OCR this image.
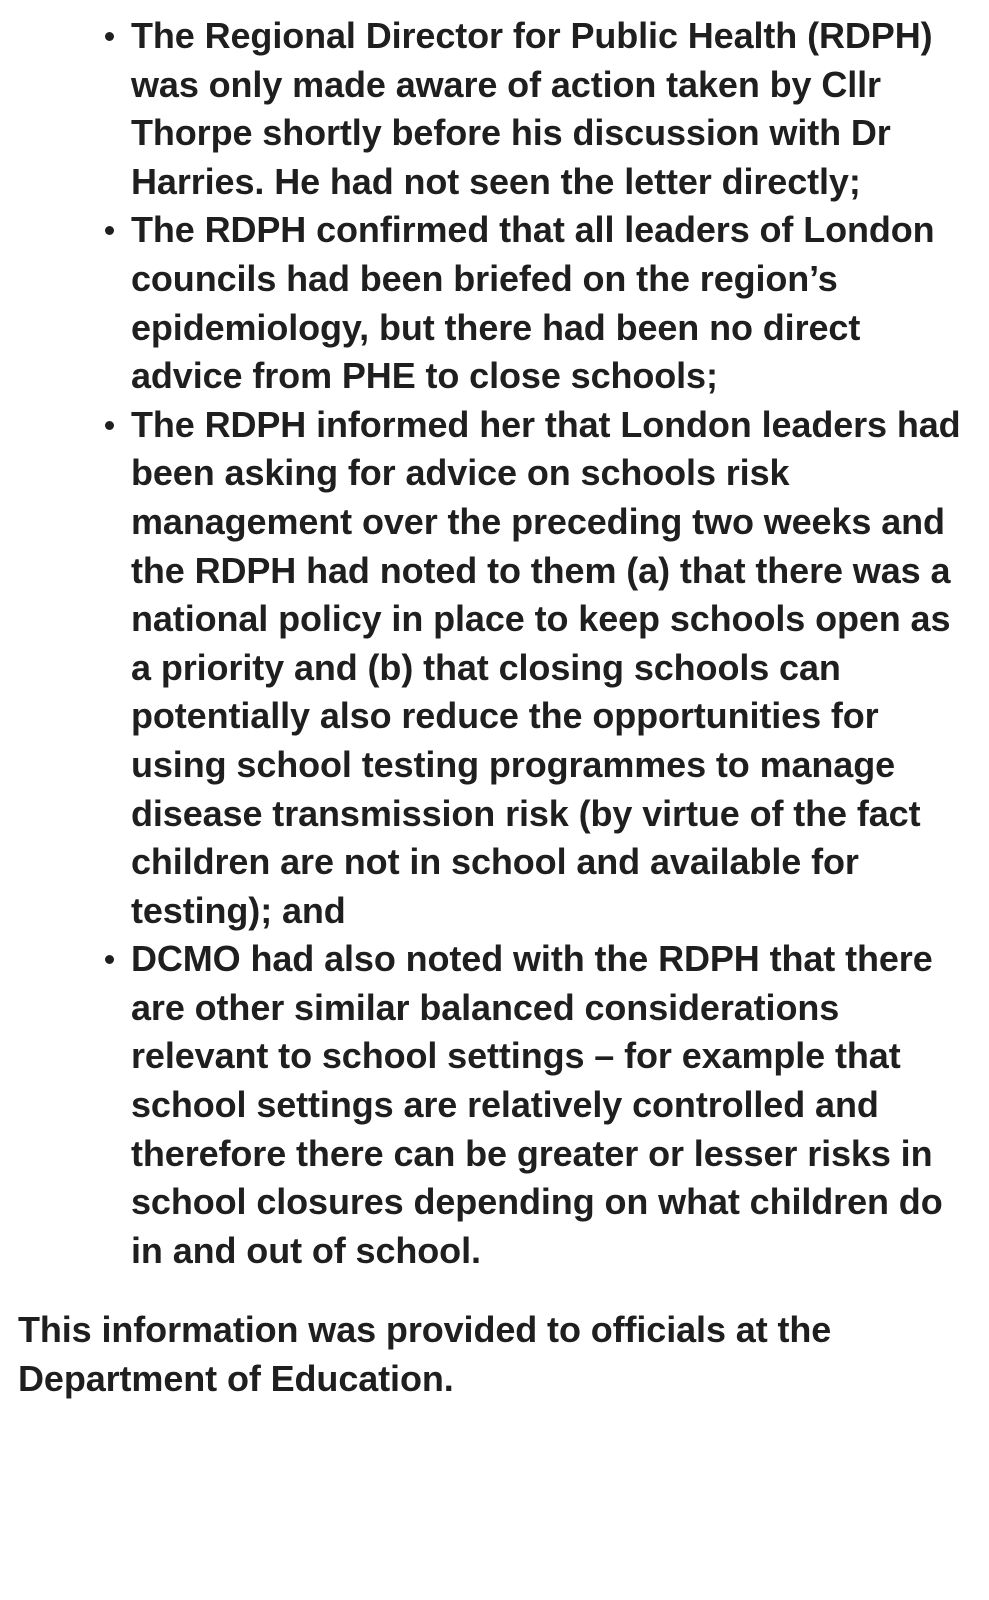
The Regional Director for Public Health (RDPH) was only made aware of action taken by Cllr Thorpe shortly before his discussion with Dr Harries. He had not seen the letter directly;
The RDPH confirmed that all leaders of London councils had been briefed on the region’s epidemiology, but there had been no direct advice from PHE to close schools;
The RDPH informed her that London leaders had been asking for advice on schools risk management over the preceding two weeks and the RDPH had noted to them (a) that there was a national policy in place to keep schools open as a priority and (b) that closing schools can potentially also reduce the opportunities for using school testing programmes to manage disease transmission risk (by virtue of the fact children are not in school and available for testing); and
DCMO had also noted with the RDPH that there are other similar balanced considerations relevant to school settings – for example that school settings are relatively controlled and therefore there can be greater or lesser risks in school closures depending on what children do in and out of school.

This information was provided to officials at the Department of Education.
